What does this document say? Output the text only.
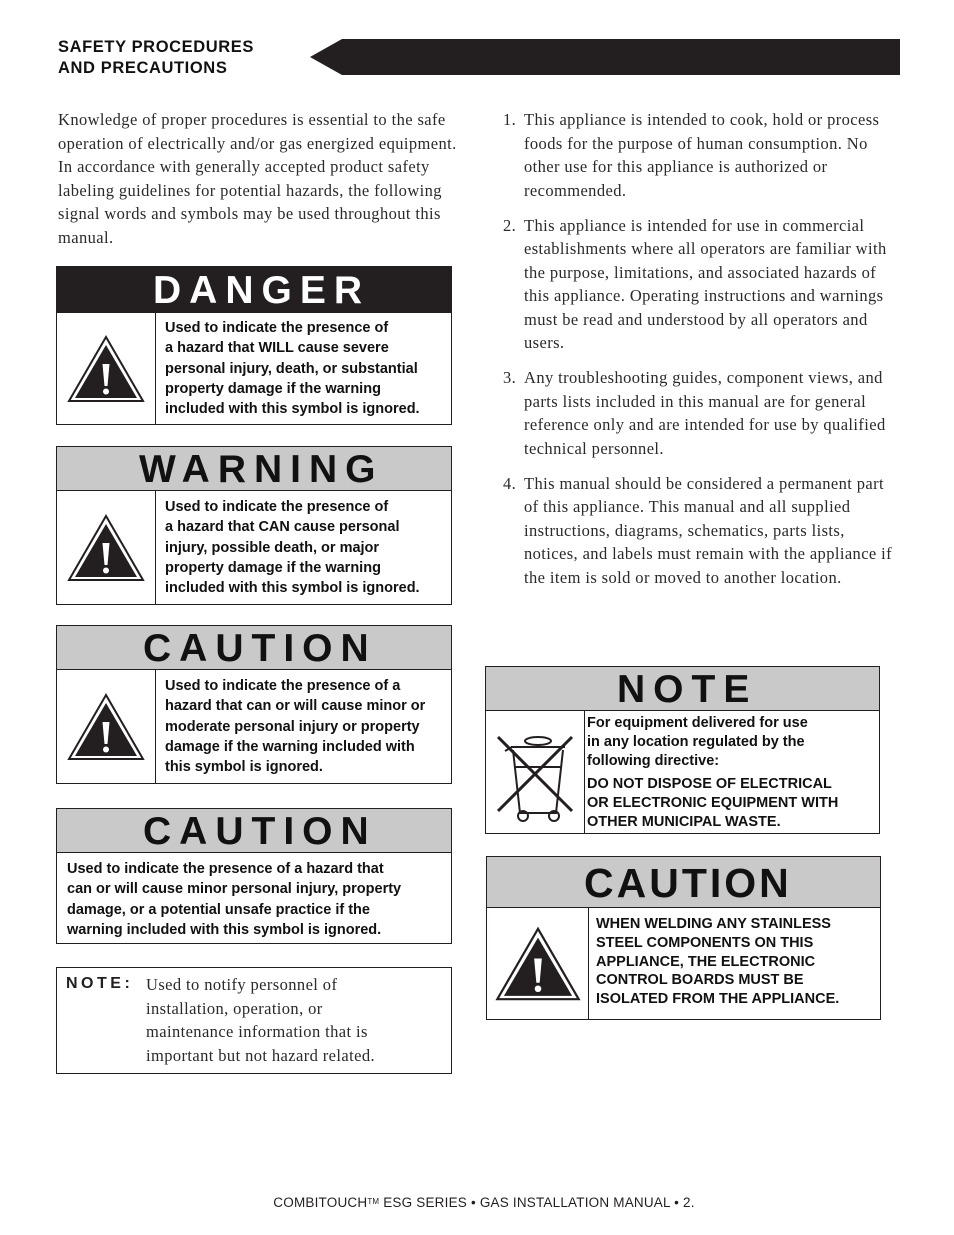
SAFETY PROCEDURES
AND PRECAUTIONS
Knowledge of proper procedures is essential to the safe operation of electrically and/or gas energized equipment. In accordance with generally accepted product safety labeling guidelines for potential hazards, the following signal words and symbols may be used throughout this manual.
1. This appliance is intended to cook, hold or process foods for the purpose of human consumption. No other use for this appliance is authorized or recommended.
2. This appliance is intended for use in commercial establishments where all operators are familiar with the purpose, limitations, and associated hazards of this appliance. Operating instructions and warnings must be read and understood by all operators and users.
3. Any troubleshooting guides, component views, and parts lists included in this manual are for general reference only and are intended for use by qualified technical personnel.
4. This manual should be considered a permanent part of this appliance. This manual and all supplied instructions, diagrams, schematics, parts lists, notices, and labels must remain with the appliance if the item is sold or moved to another location.
DANGER
Used to indicate the presence of
a hazard that WILL cause severe
personal injury, death, or substantial
property damage if the warning
included with this symbol is ignored.
WARNING
Used to indicate the presence of
a hazard that CAN cause personal
injury, possible death, or major
property damage if the warning
included with this symbol is ignored.
CAUTION
Used to indicate the presence of a
hazard that can or will cause minor or
moderate personal injury or property
damage if the warning included with
this symbol is ignored.
CAUTION
Used to indicate the presence of a hazard that
can or will cause minor personal injury, property
damage, or a potential unsafe practice if the
warning included with this symbol is ignored.
NOTE: Used to notify personnel of
installation, operation, or
maintenance information that is
important but not hazard related.
NOTE
For equipment delivered for use
in any location regulated by the
following directive:
DO NOT DISPOSE OF ELECTRICAL
OR ELECTRONIC EQUIPMENT WITH
OTHER MUNICIPAL WASTE.
CAUTION
WHEN WELDING ANY STAINLESS
STEEL COMPONENTS ON THIS
APPLIANCE, THE ELECTRONIC
CONTROL BOARDS MUST BE
ISOLATED FROM THE APPLIANCE.
COMBITOUCH™ ESG SERIES • GAS INSTALLATION MANUAL • 2.
